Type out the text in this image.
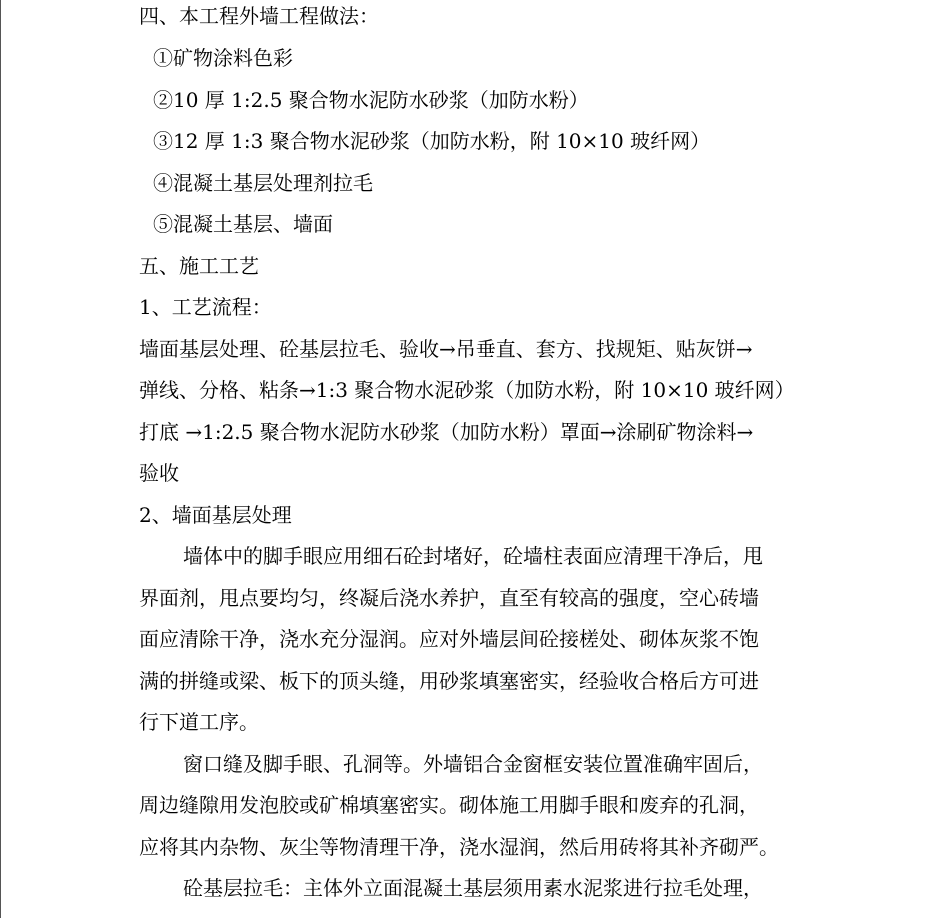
四、本工程外墙工程做法：
①矿物涂料色彩
②10 厚 1:2.5 聚合物水泥防水砂浆（加防水粉）
③12 厚 1:3 聚合物水泥砂浆（加防水粉，附 10×10 玻纤网）
④混凝土基层处理剂拉毛
⑤混凝土基层、墙面
五、施工工艺
1、工艺流程：
墙面基层处理、砼基层拉毛、验收→吊垂直、套方、找规矩、贴灰饼→
弹线、分格、粘条→1:3 聚合物水泥砂浆（加防水粉，附 10×10 玻纤网）
打底 →1:2.5 聚合物水泥防水砂浆（加防水粉）罩面→涂刷矿物涂料→
验收
2、墙面基层处理
墙体中的脚手眼应用细石砼封堵好，砼墙柱表面应清理干净后，甩
界面剂，甩点要均匀，终凝后浇水养护，直至有较高的强度，空心砖墙
面应清除干净，浇水充分湿润。应对外墙层间砼接槎处、砌体灰浆不饱
满的拼缝或梁、板下的顶头缝，用砂浆填塞密实，经验收合格后方可进
行下道工序。
窗口缝及脚手眼、孔洞等。外墙铝合金窗框安装位置准确牢固后，
周边缝隙用发泡胶或矿棉填塞密实。砌体施工用脚手眼和废弃的孔洞，
应将其内杂物、灰尘等物清理干净，浇水湿润，然后用砖将其补齐砌严。
砼基层拉毛：主体外立面混凝土基层须用素水泥浆进行拉毛处理，
